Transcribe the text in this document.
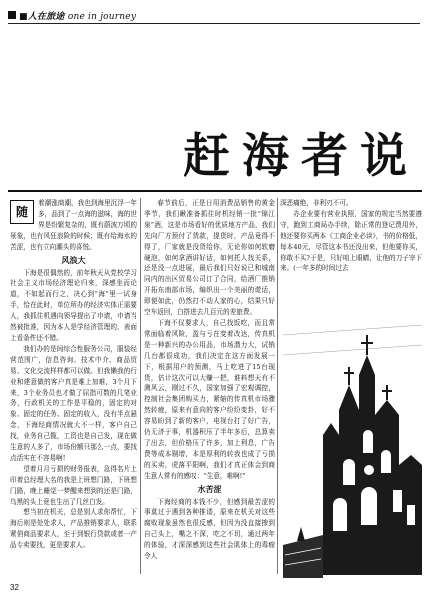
■人在旅途 one in journey
赶海者说
随

着潮涨商潮，我也到海里沉浮一年多，品到了一点海的滋味，海的世界是纷繁复杂的，既有蔚波万顷的景象，也有风狂浪险的时候；既有给海水的苦涩，也有立向潮头的喜悦。

风浪大

下海是很偶然的，前年秋天从党校学习社会主义市场经济理论归来，深感坐而论道，不如起而行之，决心到“海”里一试身手，恰在此时，单位所办的经济实体正需要人，我抓住机遇向领导提出了申请，申请当然被批准，因为本人是学经济管理的，表面上看条件还不错。

我们办的是间综合性服务公司，服装经营范围广，信息咨询、技术中介、商品贸易、文化交流样样都可以做。但我懒我的行业和建意做的客户真是难上加难，3个月下来，3个业务员也才做了屈指可数的几笔业务，行政机关的工作是平稳的，固定的对象、固定的任务、固定的收入，没有半点悬念，下海经商情况就大不一样，客户自己找，业务自己揽，工资也是自己发，现在做生意的人多了，市场份额只那么一点，要找点活实在不容易啊!

望着月月亏损的财务报表，急得名片上印着总经理大名的我是上班想门路，下班想门路，晚上睡觉一梦醒来想到的还是门路，乌黑的头上竟也生出了几丝白发。

想当初在机关，总是别人求你帮忙，下海后则是处处求人，产品推销要求人，联系紧俏商品要求人，至于到银行贷款或者一产品专卖要找，更是要求人。

春节前后，正是日用消费品销售的黄金季节，我们瞅准备抓住时机经销一批“锦江泉”酒，这是市场看好的优质地方产品，我们先向厂方预付了货款，提货时，产品竟得不得了，厂家就是没货给你，无论你如何软磨硬泡，如何拿酒讲好话，如何托人找关系，还是没一点进展，最后我们只好说已和城南同内的出区贸易公司订了合同，给酒厂推销开拓东南部市场，编织出一个美丽的谎话，即便如此，仍然打不动人家的心，结果只好空车返回，白搭进去几百元的差旅费。

下海不仅要求人，自己找饭吃，而且常常面临着风险，盈与亏在变着改达，传真机是一种新兴的办公用品，市场潜力大，试销几台都很成功，我们决定在这方面发展一下，根据用户的预测，马上吃进了15台现货，估计这次可以大赚一把，谁料想天有不测风云，刚过不久，国家加强了宏观调控，控制社会集团购买力，紧缩的传真机市场骤然转疲，原来有意向的客户纷纷变卦，好不容易盼到了新的客户，电视台打了好广告，仍无济于事，机器积压了半年多后，总算卖了出去，但价格压了许多，加上利息，广告费等成本剔增，本是厚利的转我也成了亏损的买卖，虎落平阳啊，我们才真正体会到商生意人常有的感叹：“生意，难啊!”

水苦涩

下海经商的本钱不少，但感到最苦涩的事莫过于遇到各种推诿，原来在机关对这些腐败现象虽然也很反感，但因为没直接掺到自己头上，嘴之不深，吃之不切，通过两年的体验，才深深感到这些社会肌体上的毒瘤令人

深恶痛绝，非利刃不可。

办企业要有营业执照，国家的规定当然要遵守，跑到工商局办手续，除正常的登记费用外，他还要你买两本《工商企业必读》，书的价格低，每本40元，尽管这本书还没出来，但他要你买，你敢不买?于是，只好咱上眼睛，让他的刀子宰下来。(一年多的时间过去

32
